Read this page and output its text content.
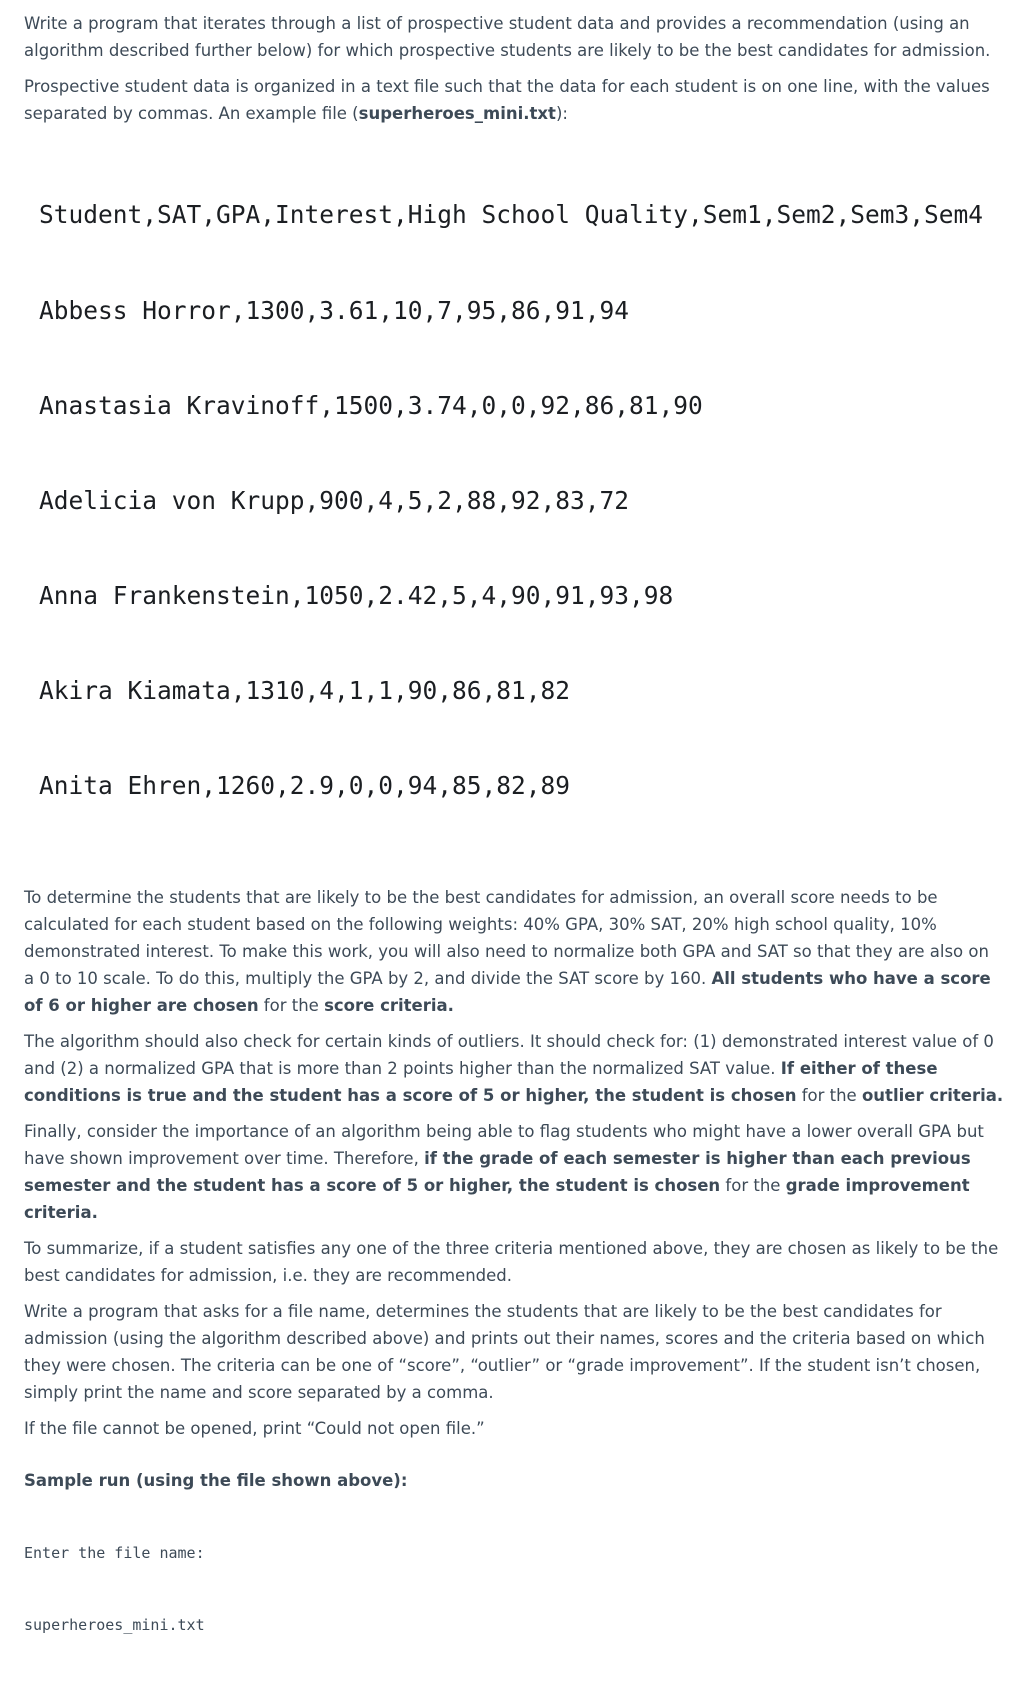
Write a program that iterates through a list of prospective student data and provides a recommendation (using an algorithm described further below) for which prospective students are likely to be the best candidates for admission.

Prospective student data is organized in a text file such that the data for each student is on one line, with the values separated by commas. An example file (superheroes_mini.txt):

Student,SAT,GPA,Interest,High School Quality,Sem1,Sem2,Sem3,Sem4

Abbess Horror,1300,3.61,10,7,95,86,91,94

Anastasia Kravinoff,1500,3.74,0,0,92,86,81,90

Adelicia von Krupp,900,4,5,2,88,92,83,72

Anna Frankenstein,1050,2.42,5,4,90,91,93,98

Akira Kiamata,1310,4,1,1,90,86,81,82

Anita Ehren,1260,2.9,0,0,94,85,82,89

To determine the students that are likely to be the best candidates for admission, an overall score needs to be calculated for each student based on the following weights: 40% GPA, 30% SAT, 20% high school quality, 10% demonstrated interest. To make this work, you will also need to normalize both GPA and SAT so that they are also on a 0 to 10 scale. To do this, multiply the GPA by 2, and divide the SAT score by 160. All students who have a score of 6 or higher are chosen for the score criteria.

The algorithm should also check for certain kinds of outliers. It should check for: (1) demonstrated interest value of 0 and (2) a normalized GPA that is more than 2 points higher than the normalized SAT value. If either of these conditions is true and the student has a score of 5 or higher, the student is chosen for the outlier criteria.

Finally, consider the importance of an algorithm being able to flag students who might have a lower overall GPA but have shown improvement over time. Therefore, if the grade of each semester is higher than each previous semester and the student has a score of 5 or higher, the student is chosen for the grade improvement criteria.

To summarize, if a student satisfies any one of the three criteria mentioned above, they are chosen as likely to be the best candidates for admission, i.e. they are recommended.

Write a program that asks for a file name, determines the students that are likely to be the best candidates for admission (using the algorithm described above) and prints out their names, scores and the criteria based on which they were chosen. The criteria can be one of “score”, “outlier” or “grade improvement”. If the student isn’t chosen, simply print the name and score separated by a comma.

If the file cannot be opened, print “Could not open file.”

Sample run (using the file shown above):

Enter the file name:

superheroes_mini.txt
